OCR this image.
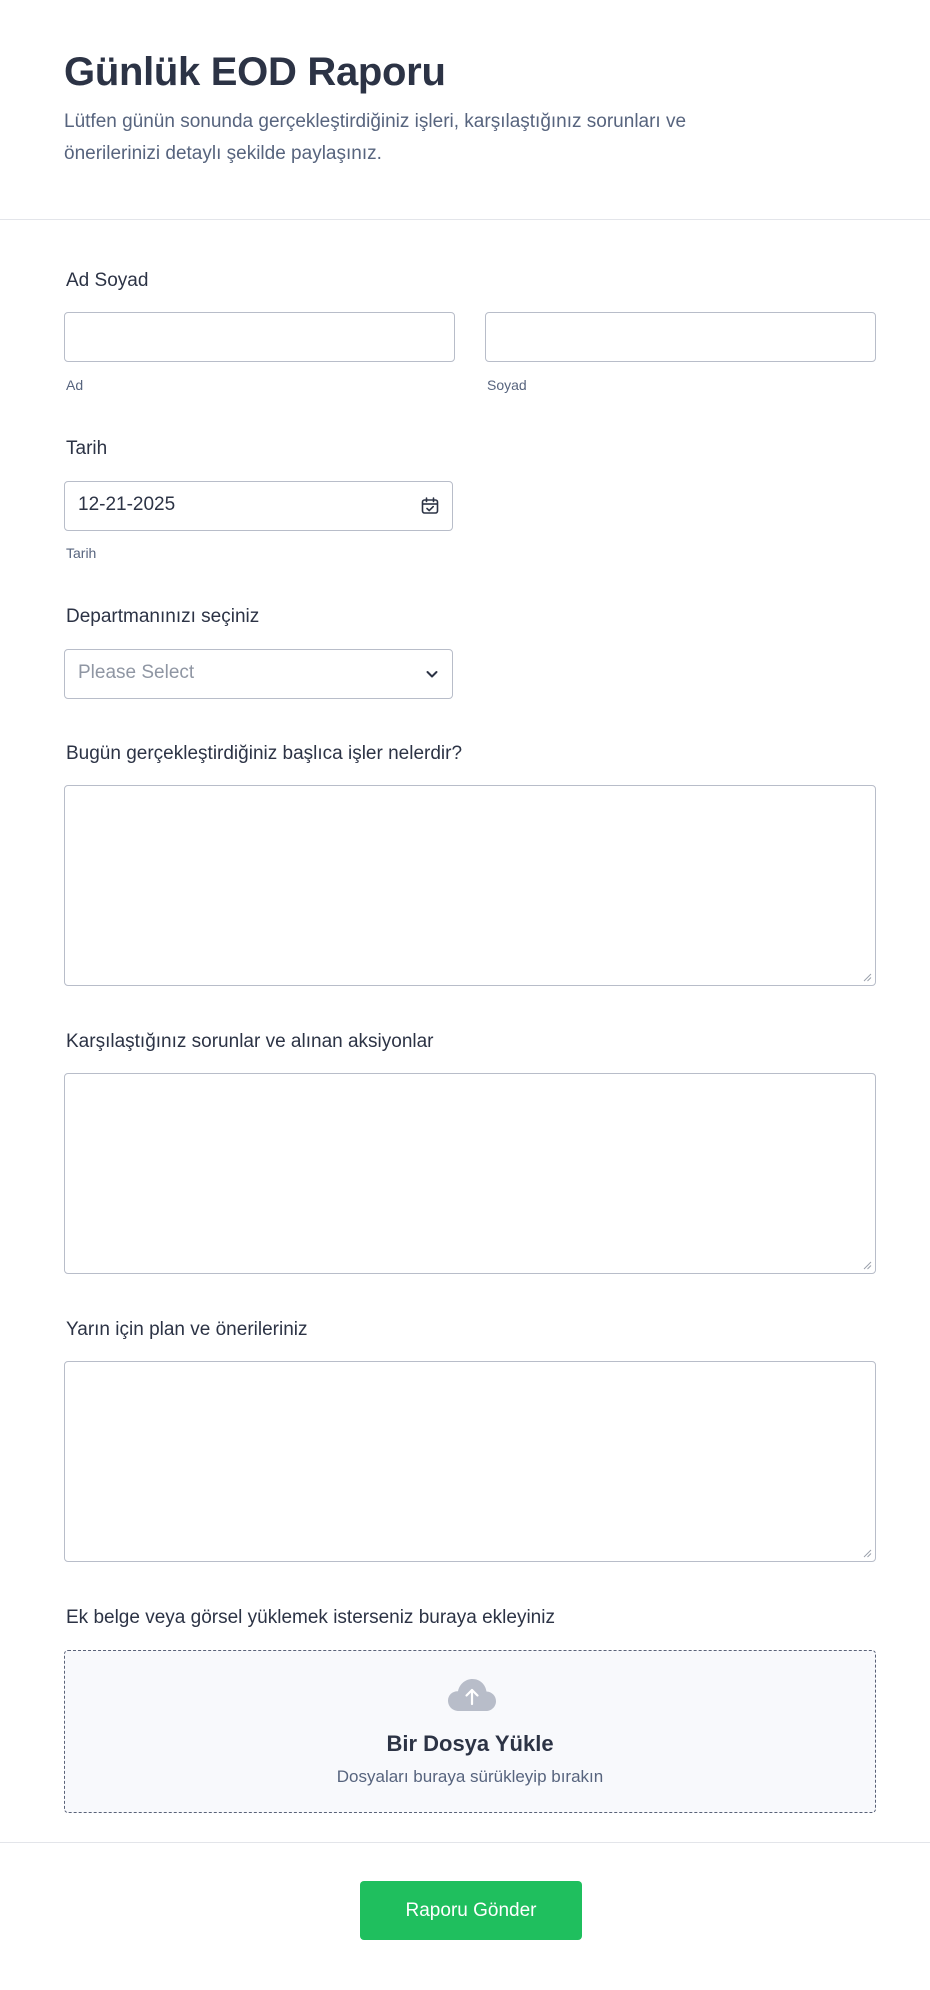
Günlük EOD Raporu

Lütfen günün sonunda gerçekleştirdiğiniz işleri, karşılaştığınız sorunları ve önerilerinizi detaylı şekilde paylaşınız.

Ad Soyad
Ad	Soyad
Tarih
12-21-2025
Tarih
Departmanınızı seçiniz
Please Select
Bugün gerçekleştirdiğiniz başlıca işler nelerdir?
Karşılaştığınız sorunlar ve alınan aksiyonlar
Yarın için plan ve önerileriniz
Ek belge veya görsel yüklemek isterseniz buraya ekleyiniz
Bir Dosya Yükle
Dosyaları buraya sürükleyip bırakın
Raporu Gönder
